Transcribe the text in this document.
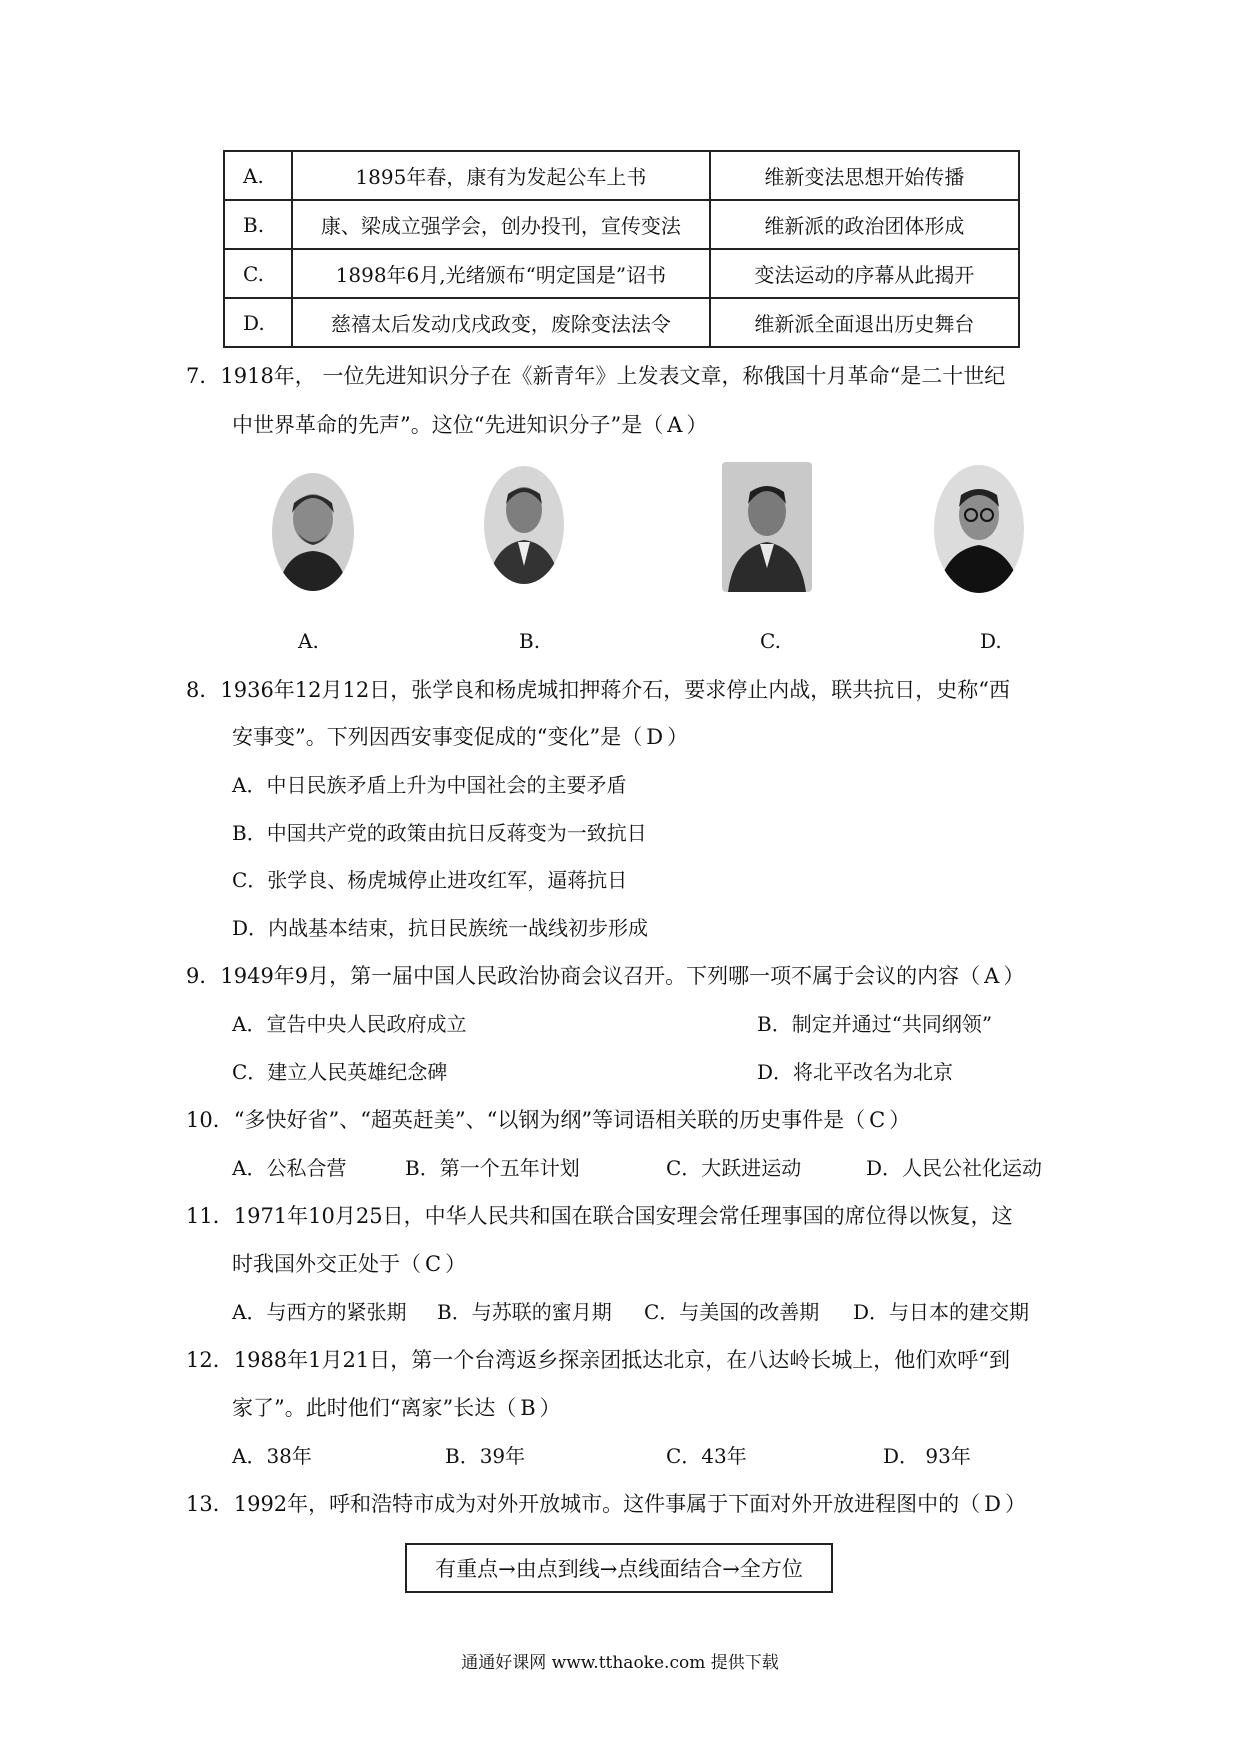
A.	1895年春，康有为发起公车上书	维新变法思想开始传播
B.	康、梁成立强学会，创办投刊，宣传变法	维新派的政治团体形成
C.	1898年6月,光绪颁布“明定国是”诏书	变法运动的序幕从此揭开
D.	慈禧太后发动戊戌政变，废除变法法令	维新派全面退出历史舞台
7．1918年， 一位先进知识分子在《新青年》上发表文章，称俄国十月革命“是二十世纪
中世界革命的先声”。这位“先进知识分子”是（ A ）
A.	B.	C.	D.
8．1936年12月12日，张学良和杨虎城扣押蒋介石，要求停止内战，联共抗日，史称“西
安事变”。下列因西安事变促成的“变化”是（ D ）
A．中日民族矛盾上升为中国社会的主要矛盾
B．中国共产党的政策由抗日反蒋变为一致抗日
C．张学良、杨虎城停止进攻红军，逼蒋抗日
D．内战基本结束，抗日民族统一战线初步形成
9．1949年9月，第一届中国人民政治协商会议召开。下列哪一项不属于会议的内容（ A ）
A．宣告中央人民政府成立	B．制定并通过“共同纲领”
C．建立人民英雄纪念碑	D．将北平改名为北京
10．“多快好省”、“超英赶美”、“以钢为纲”等词语相关联的历史事件是（ C ）
A．公私合营	B．第一个五年计划	C．大跃进运动	D．人民公社化运动
11．1971年10月25日，中华人民共和国在联合国安理会常任理事国的席位得以恢复，这
时我国外交正处于（ C ）
A．与西方的紧张期 B．与苏联的蜜月期 C．与美国的改善期 D．与日本的建交期
12．1988年1月21日，第一个台湾返乡探亲团抵达北京，在八达岭长城上，他们欢呼“到
家了”。此时他们“离家”长达（ B ）
A．38年	B．39年	C．43年	D． 93年
13．1992年，呼和浩特市成为对外开放城市。这件事属于下面对外开放进程图中的（ D ）
有重点→由点到线→点线面结合→全方位
通通好课网 www.tthaoke.com 提供下载
